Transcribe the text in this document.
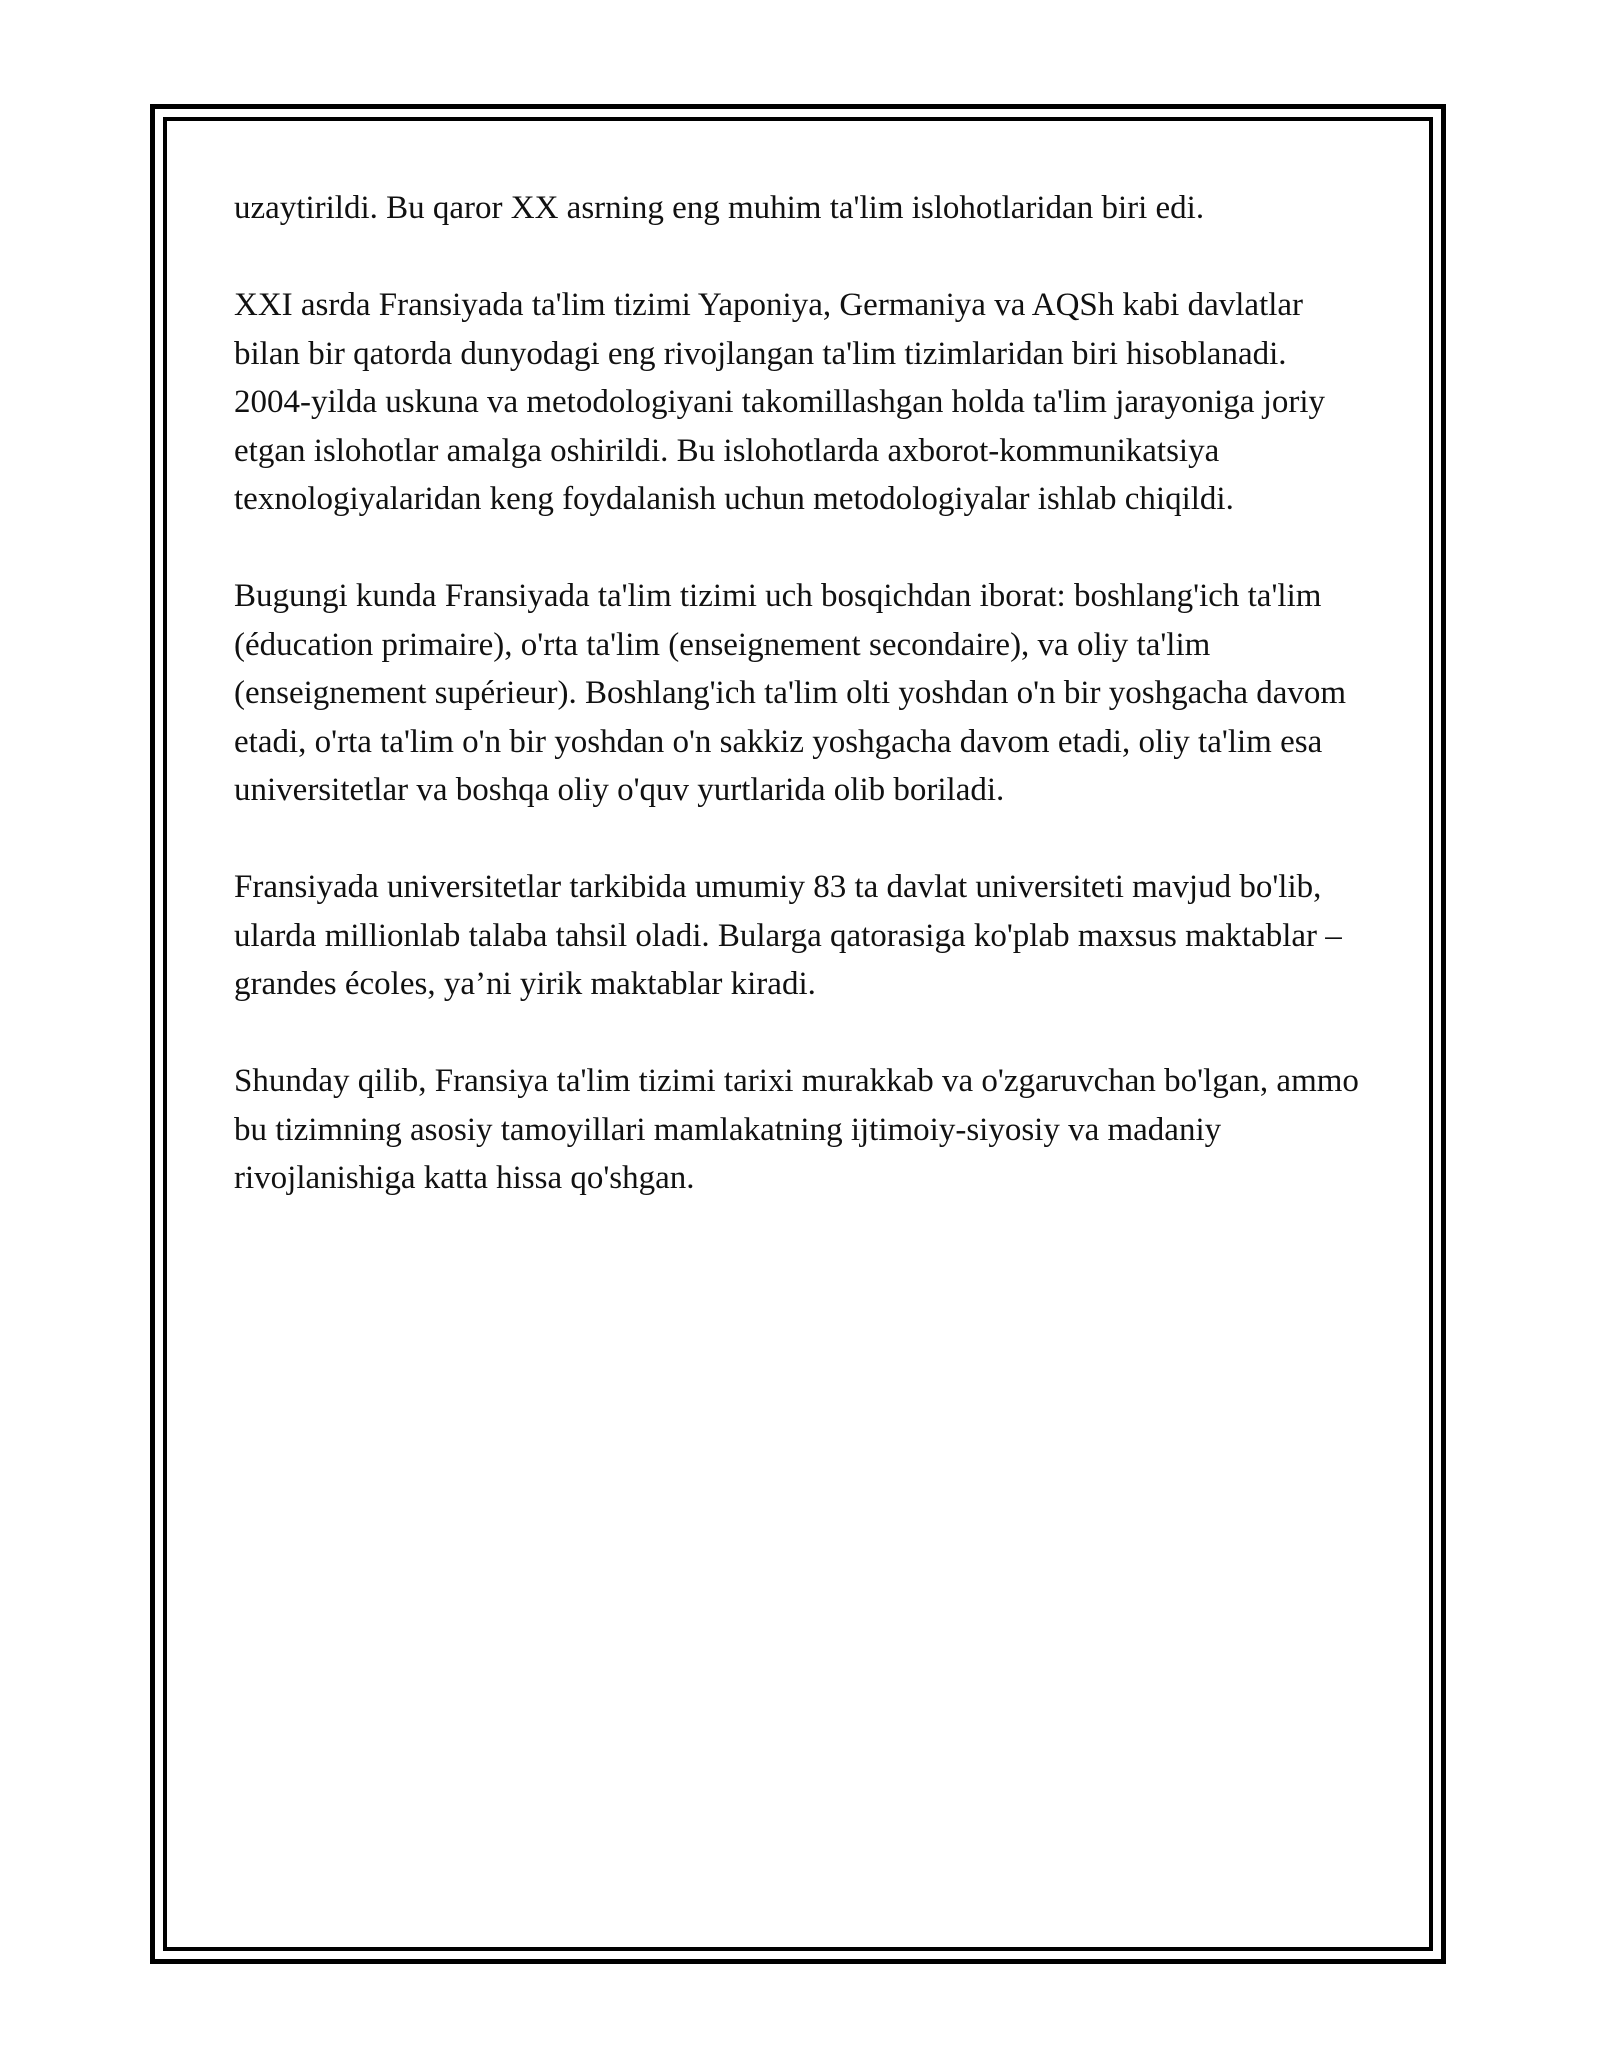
uzaytirildi. Bu qaror XX asrning eng muhim ta'lim islohotlaridan biri edi.

XXI asrda Fransiyada ta'lim tizimi Yaponiya, Germaniya va AQSh kabi davlatlar bilan bir qatorda dunyodagi eng rivojlangan ta'lim tizimlaridan biri hisoblanadi. 2004-yilda uskuna va metodologiyani takomillashgan holda ta'lim jarayoniga joriy etgan islohotlar amalga oshirildi. Bu islohotlarda axborot-kommunikatsiya texnologiyalaridan keng foydalanish uchun metodologiyalar ishlab chiqildi.

Bugungi kunda Fransiyada ta'lim tizimi uch bosqichdan iborat: boshlang'ich ta'lim (éducation primaire), o'rta ta'lim (enseignement secondaire), va oliy ta'lim (enseignement supérieur). Boshlang'ich ta'lim olti yoshdan o'n bir yoshgacha davom etadi, o'rta ta'lim o'n bir yoshdan o'n sakkiz yoshgacha davom etadi, oliy ta'lim esa universitetlar va boshqa oliy o'quv yurtlarida olib boriladi.

Fransiyada universitetlar tarkibida umumiy 83 ta davlat universiteti mavjud bo'lib, ularda millionlab talaba tahsil oladi. Bularga qatorasiga ko'plab maxsus maktablar – grandes écoles, ya’ni yirik maktablar kiradi.

Shunday qilib, Fransiya ta'lim tizimi tarixi murakkab va o'zgaruvchan bo'lgan, ammo bu tizimning asosiy tamoyillari mamlakatning ijtimoiy-siyosiy va madaniy rivojlanishiga katta hissa qo'shgan.
